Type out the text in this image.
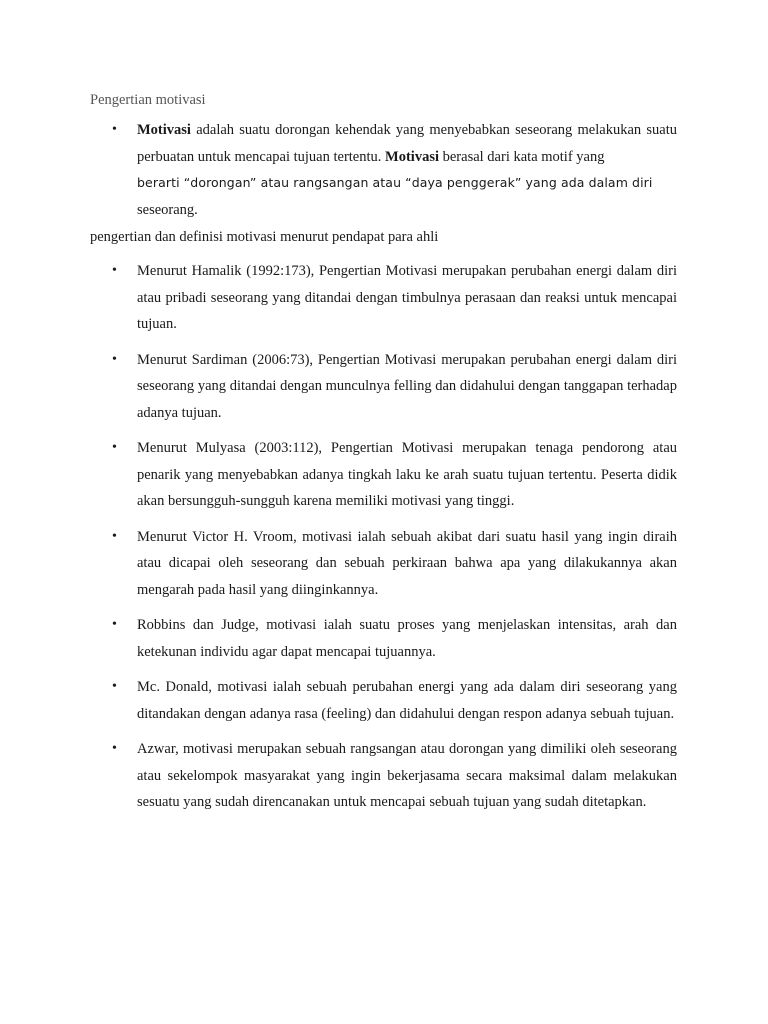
Pengertian motivasi
• Motivasi adalah suatu dorongan kehendak yang menyebabkan seseorang melakukan suatu perbuatan untuk mencapai tujuan tertentu. Motivasi berasal dari kata motif yang
berarti “dorongan” atau rangsangan atau “daya penggerak” yang ada dalam diri
seseorang.
pengertian dan definisi motivasi menurut pendapat para ahli
• Menurut Hamalik (1992:173), Pengertian Motivasi merupakan perubahan energi dalam diri atau pribadi seseorang yang ditandai dengan timbulnya perasaan dan reaksi untuk mencapai tujuan.
• Menurut Sardiman (2006:73), Pengertian Motivasi merupakan perubahan energi dalam diri seseorang yang ditandai dengan munculnya felling dan didahului dengan tanggapan terhadap adanya tujuan.
• Menurut Mulyasa (2003:112), Pengertian Motivasi merupakan tenaga pendorong atau penarik yang menyebabkan adanya tingkah laku ke arah suatu tujuan tertentu. Peserta didik akan bersungguh-sungguh karena memiliki motivasi yang tinggi.
• Menurut Victor H. Vroom, motivasi ialah sebuah akibat dari suatu hasil yang ingin diraih atau dicapai oleh seseorang dan sebuah perkiraan bahwa apa yang dilakukannya akan mengarah pada hasil yang diinginkannya.
• Robbins dan Judge, motivasi ialah suatu proses yang menjelaskan intensitas, arah dan ketekunan individu agar dapat mencapai tujuannya.
• Mc. Donald, motivasi ialah sebuah perubahan energi yang ada dalam diri seseorang yang ditandakan dengan adanya rasa (feeling) dan didahului dengan respon adanya sebuah tujuan.
• Azwar, motivasi merupakan sebuah rangsangan atau dorongan yang dimiliki oleh seseorang atau sekelompok masyarakat yang ingin bekerjasama secara maksimal dalam melakukan sesuatu yang sudah direncanakan untuk mencapai sebuah tujuan yang sudah ditetapkan.
